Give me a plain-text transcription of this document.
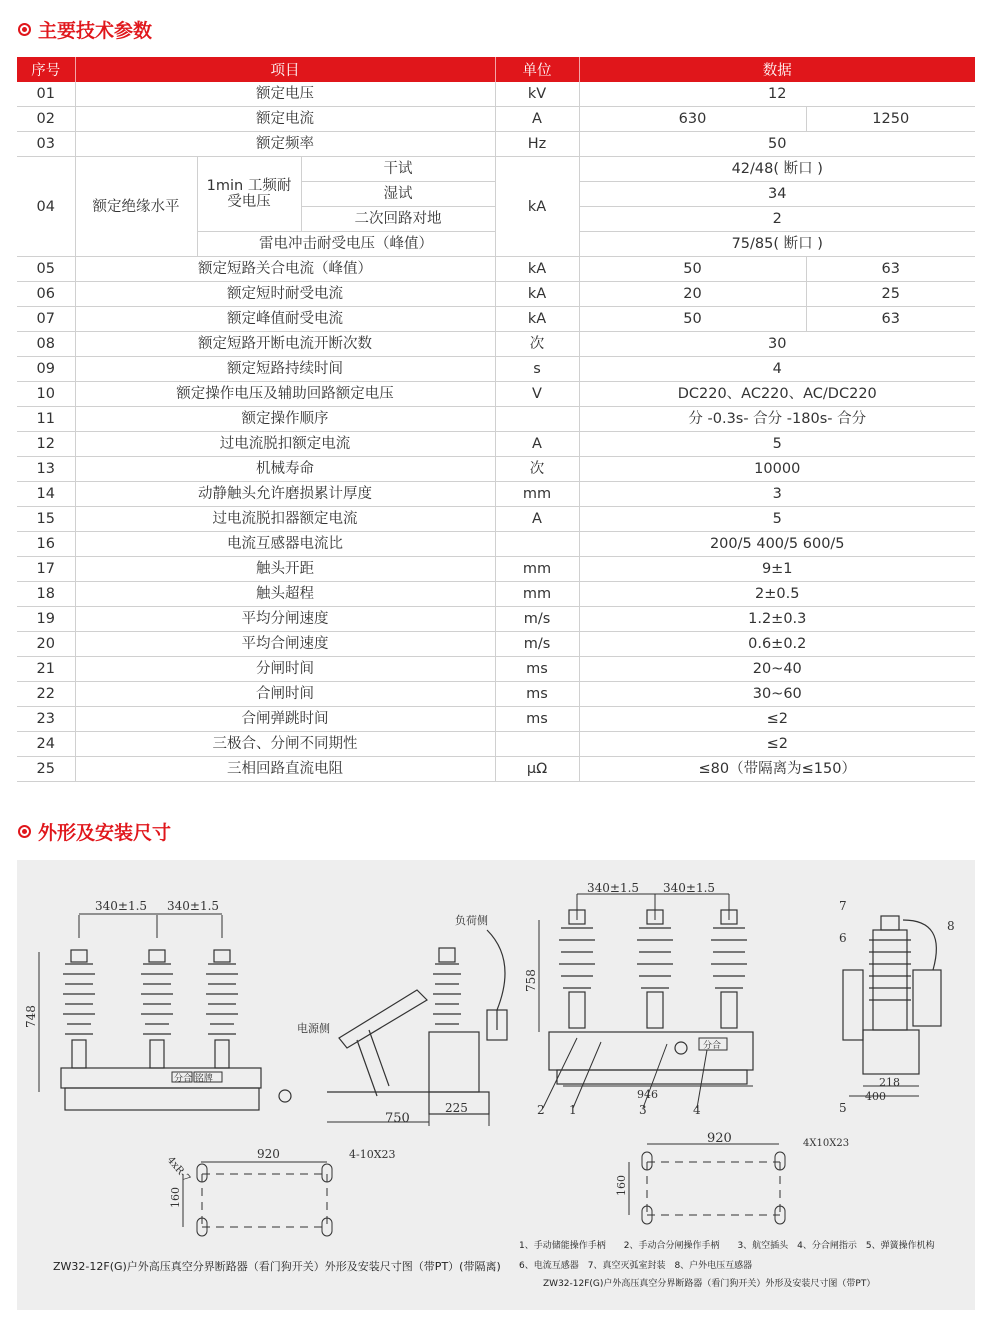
主要技术参数
序号	项目			单位	数据	
01	额定电压			kV	12	
02	额定电流			A	630	1250
03	额定频率			Hz	50	
04	额定绝缘水平	1min 工频耐受电压	干试	kA	42/48( 断口 )	
			湿试		34	
			二次回路对地		2	
		雷电冲击耐受电压（峰值）			75/85( 断口 )	
05	额定短路关合电流（峰值）			kA	50	63
06	额定短时耐受电流			kA	20	25
07	额定峰值耐受电流			kA	50	63
08	额定短路开断电流开断次数			次	30	
09	额定短路持续时间			s	4	
10	额定操作电压及辅助回路额定电压			V	DC220、AC220、AC/DC220	
11	额定操作顺序				分 -0.3s- 合分 -180s- 合分	
12	过电流脱扣额定电流			A	5	
13	机械寿命			次	10000	
14	动静触头允许磨损累计厚度			mm	3	
15	过电流脱扣器额定电流			A	5	
16	电流互感器电流比				200/5 400/5 600/5	
17	触头开距			mm	9±1	
18	触头超程			mm	2±0.5	
19	平均分闸速度			m/s	1.2±0.3	
20	平均合闸速度			m/s	0.6±0.2	
21	分闸时间			ms	20~40	
22	合闸时间			ms	30~60	
23	合闸弹跳时间			ms	≤2	
24	三极合、分闸不同期性				≤2	
25	三相回路直流电阻			μΩ	≤80（带隔离为≤150）	
外形及安装尺寸
340±1.5 340±1.5
748
分合 铭牌
负荷侧
电源侧
750
225
920	4-10X23
4xR-7
160
340±1.5 340±1.5
758
分合
946
2 1	3	4
920	4X10X23
160
218
400
7
6
8
5
ZW32-12F(G)户外高压真空分界断路器（看门狗开关）外形及安装尺寸图（带PT）(带隔离)
1、手动储能操作手柄　　2、手动合分闸操作手柄　　3、航空插头　4、分合闸指示　5、弹簧操作机构
6、电流互感器　7、真空灭弧室封装　8、户外电压互感器
ZW32-12F(G)户外高压真空分界断路器（看门狗开关）外形及安装尺寸图（带PT）
